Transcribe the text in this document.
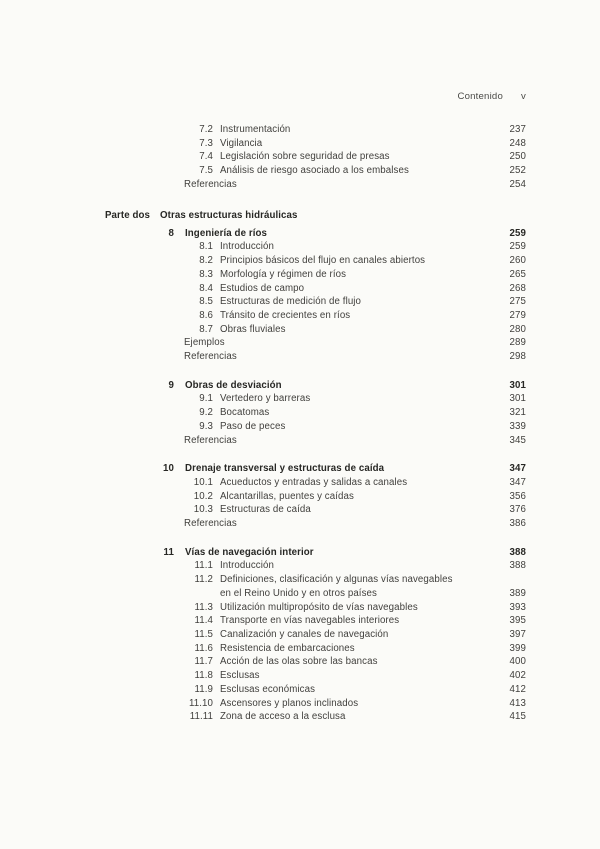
Contenido v
7.2 Instrumentación	237
7.3 Vigilancia	248
7.4 Legislación sobre seguridad de presas	250
7.5 Análisis de riesgo asociado a los embalses	252
Referencias	254
Parte dos	Otras estructuras hidráulicas
8 Ingeniería de ríos	259
8.1 Introducción	259
8.2 Principios básicos del flujo en canales abiertos	260
8.3 Morfología y régimen de ríos	265
8.4 Estudios de campo	268
8.5 Estructuras de medición de flujo	275
8.6 Tránsito de crecientes en ríos	279
8.7 Obras fluviales	280
Ejemplos	289
Referencias	298
9 Obras de desviación	301
9.1 Vertedero y barreras	301
9.2 Bocatomas	321
9.3 Paso de peces	339
Referencias	345
10 Drenaje transversal y estructuras de caída	347
10.1 Acueductos y entradas y salidas a canales	347
10.2 Alcantarillas, puentes y caídas	356
10.3 Estructuras de caída	376
Referencias	386
11 Vías de navegación interior	388
11.1 Introducción	388
11.2 Definiciones, clasificación y algunas vías navegables
en el Reino Unido y en otros países	389
11.3 Utilización multipropósito de vías navegables	393
11.4 Transporte en vías navegables interiores	395
11.5 Canalización y canales de navegación	397
11.6 Resistencia de embarcaciones	399
11.7 Acción de las olas sobre las bancas	400
11.8 Esclusas	402
11.9 Esclusas económicas	412
11.10 Ascensores y planos inclinados	413
11.11 Zona de acceso a la esclusa	415
